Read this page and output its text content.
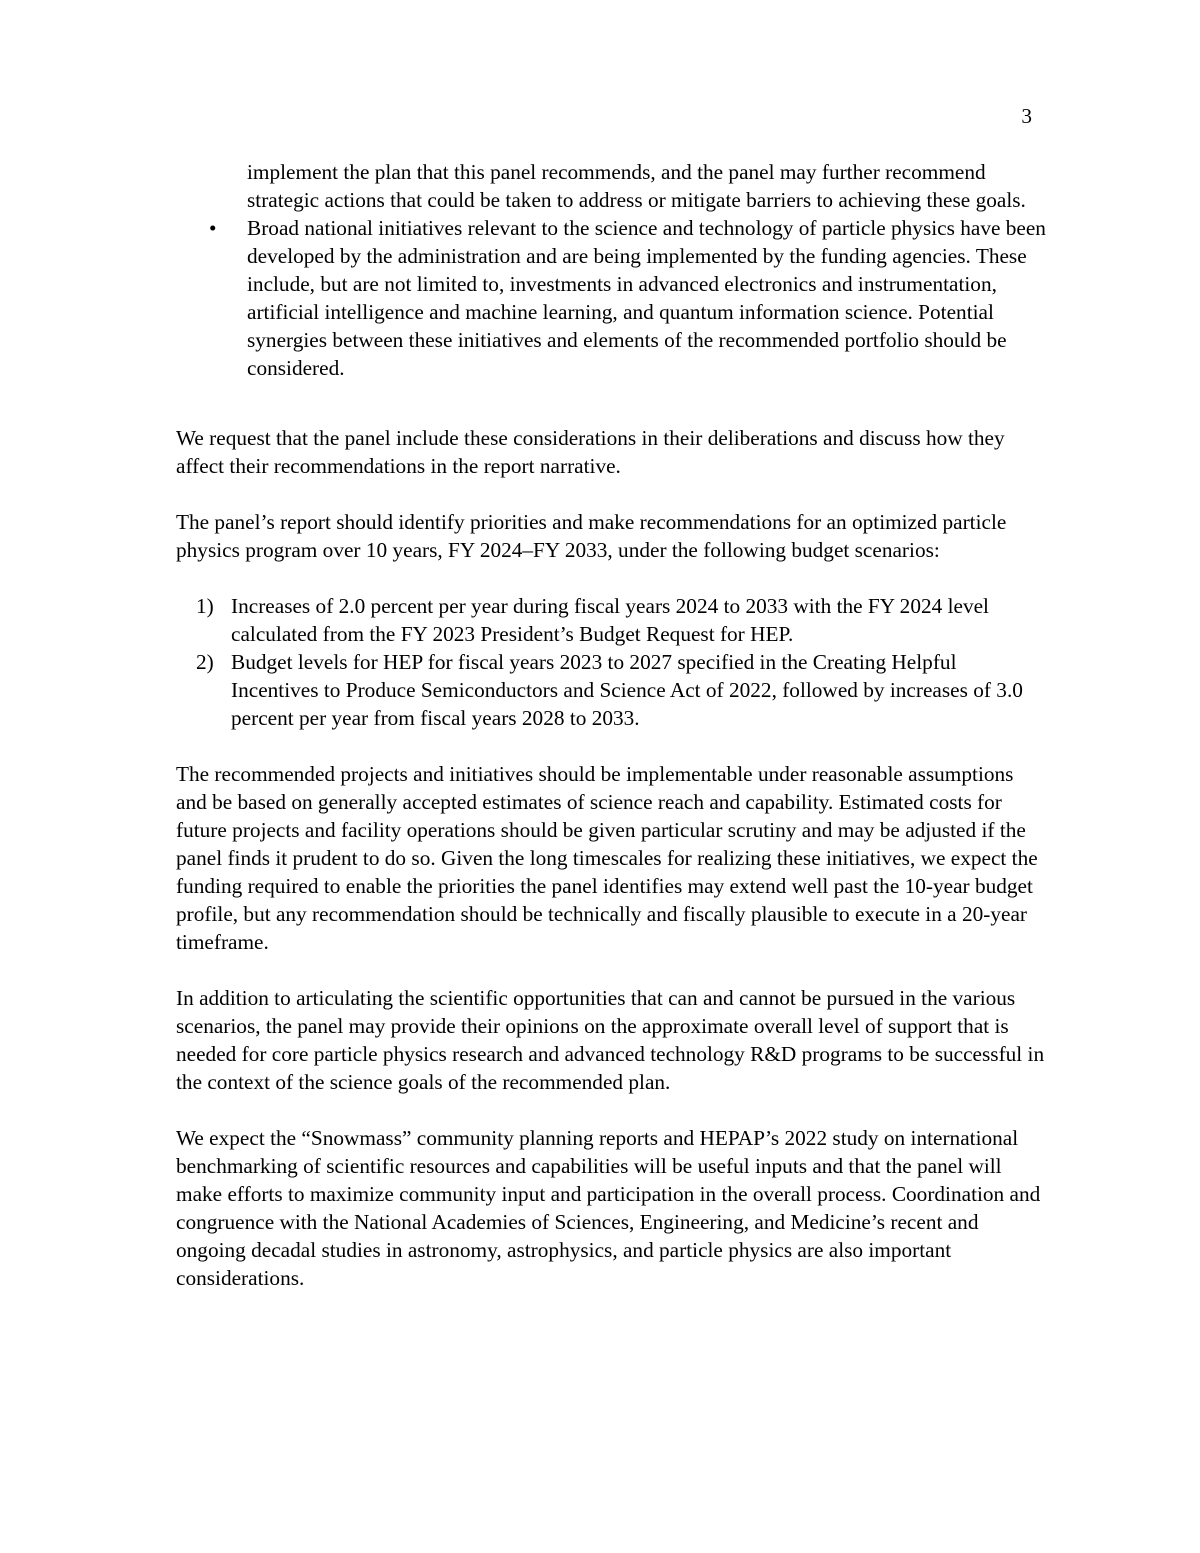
3

implement the plan that this panel recommends, and the panel may further recommend strategic actions that could be taken to address or mitigate barriers to achieving these goals.

• Broad national initiatives relevant to the science and technology of particle physics have been developed by the administration and are being implemented by the funding agencies. These include, but are not limited to, investments in advanced electronics and instrumentation, artificial intelligence and machine learning, and quantum information science. Potential synergies between these initiatives and elements of the recommended portfolio should be considered.

We request that the panel include these considerations in their deliberations and discuss how they affect their recommendations in the report narrative.

The panel’s report should identify priorities and make recommendations for an optimized particle physics program over 10 years, FY 2024–FY 2033, under the following budget scenarios:

1) Increases of 2.0 percent per year during fiscal years 2024 to 2033 with the FY 2024 level calculated from the FY 2023 President’s Budget Request for HEP.
2) Budget levels for HEP for fiscal years 2023 to 2027 specified in the Creating Helpful Incentives to Produce Semiconductors and Science Act of 2022, followed by increases of 3.0 percent per year from fiscal years 2028 to 2033.

The recommended projects and initiatives should be implementable under reasonable assumptions and be based on generally accepted estimates of science reach and capability. Estimated costs for future projects and facility operations should be given particular scrutiny and may be adjusted if the panel finds it prudent to do so. Given the long timescales for realizing these initiatives, we expect the funding required to enable the priorities the panel identifies may extend well past the 10-year budget profile, but any recommendation should be technically and fiscally plausible to execute in a 20-year timeframe.

In addition to articulating the scientific opportunities that can and cannot be pursued in the various scenarios, the panel may provide their opinions on the approximate overall level of support that is needed for core particle physics research and advanced technology R&D programs to be successful in the context of the science goals of the recommended plan.

We expect the “Snowmass” community planning reports and HEPAP’s 2022 study on international benchmarking of scientific resources and capabilities will be useful inputs and that the panel will make efforts to maximize community input and participation in the overall process. Coordination and congruence with the National Academies of Sciences, Engineering, and Medicine’s recent and ongoing decadal studies in astronomy, astrophysics, and particle physics are also important considerations.
